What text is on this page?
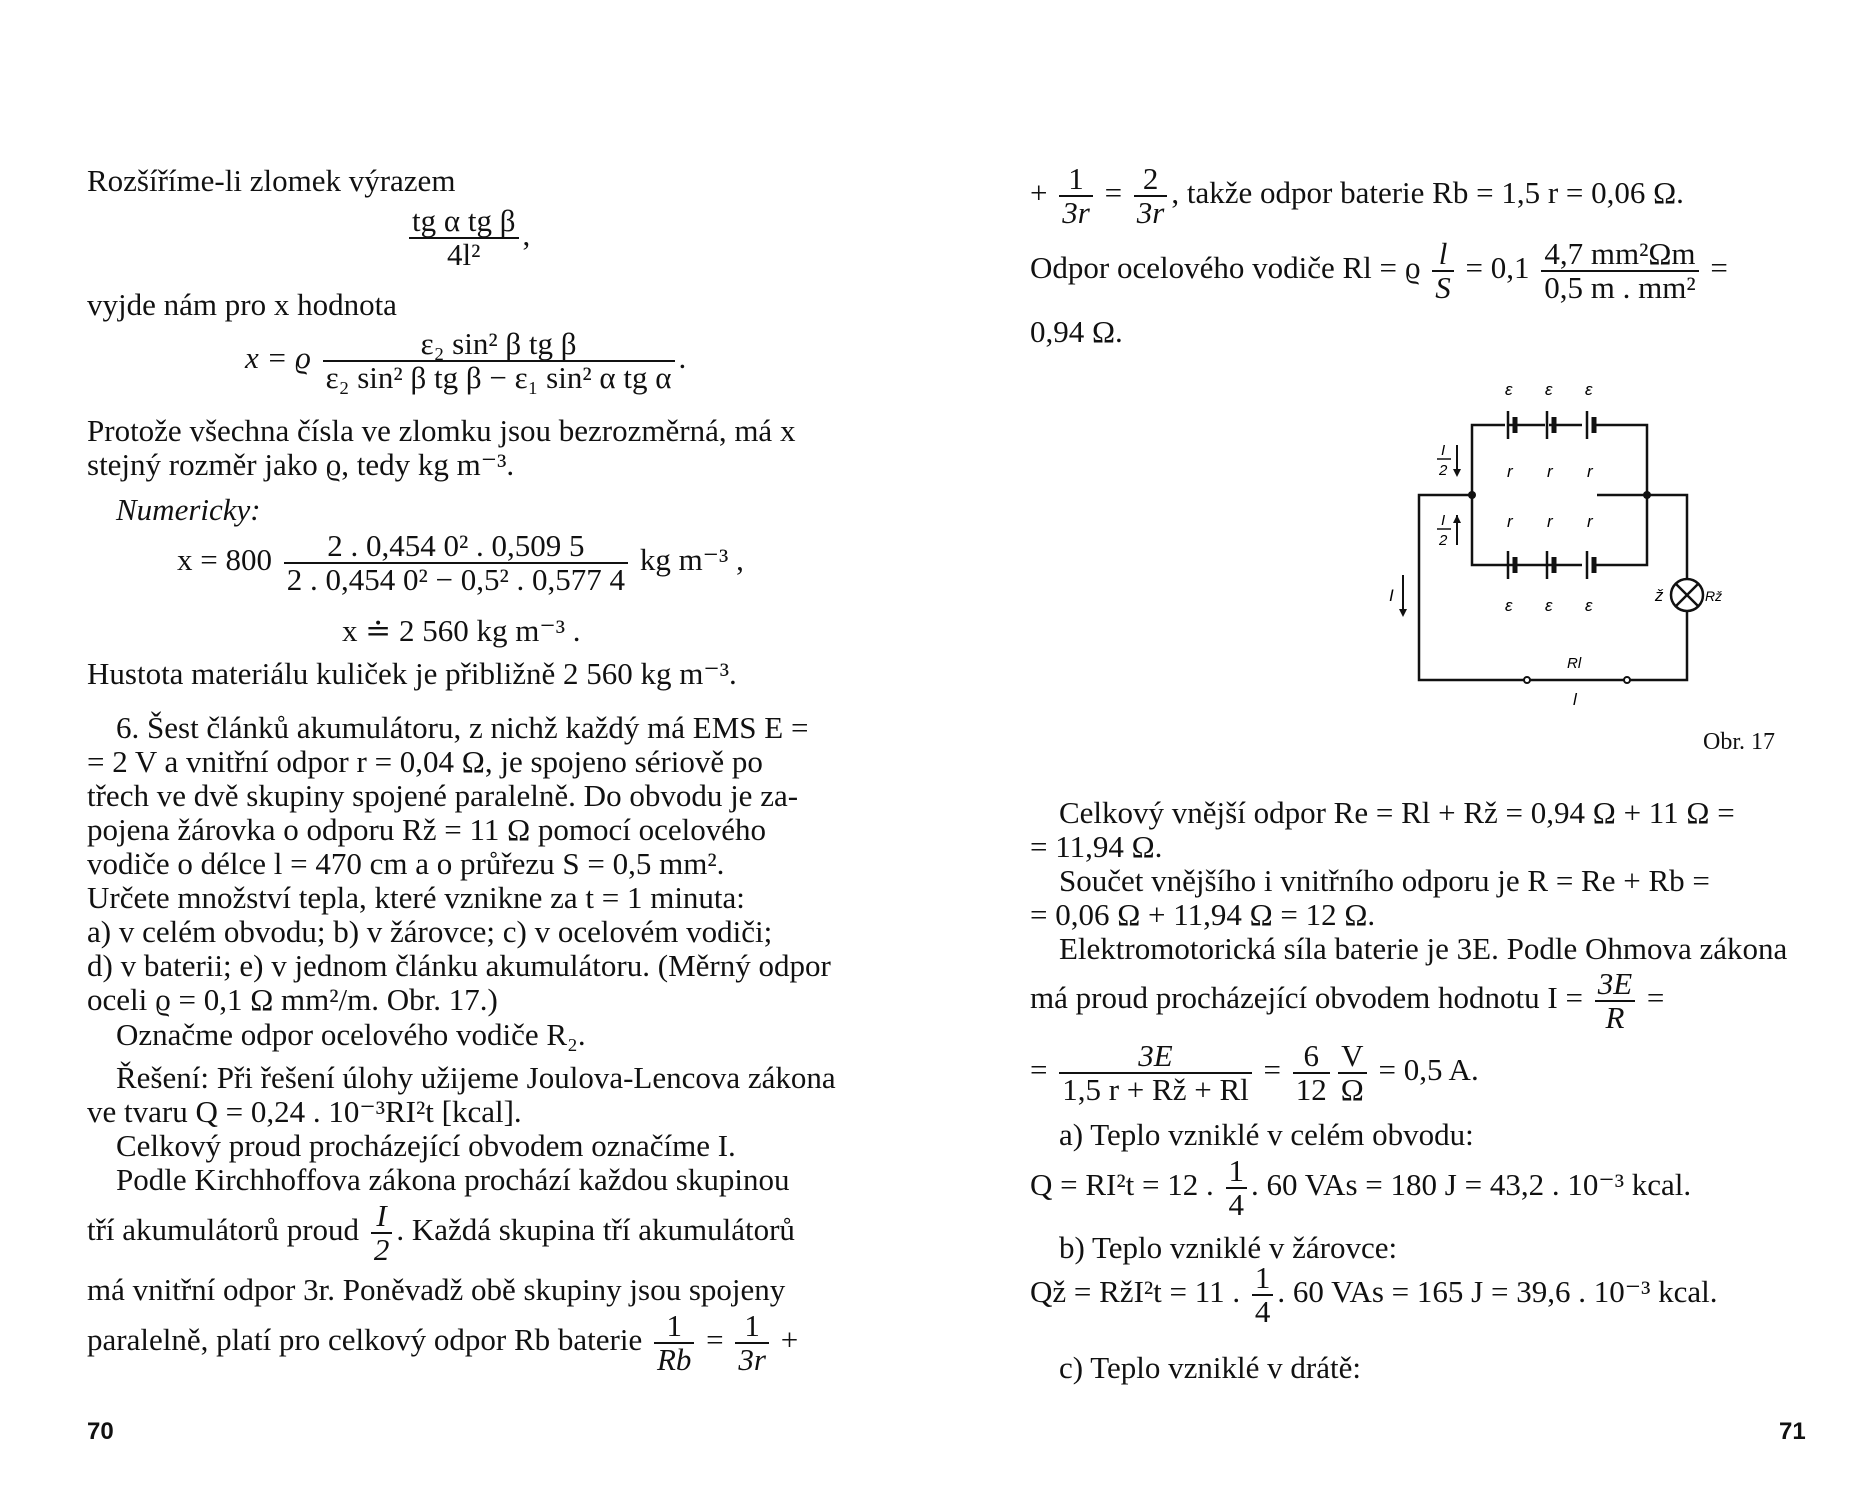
Rozšíříme-li zlomek výrazem
$\frac{\text{tg α tg β}}{\text{4l²}}$ ,
vyjde nám pro x hodnota
x = ϱ $\frac{\text{ε₂ sin² β tg β}}{\text{ε₂ sin² β tg β − ε₁ sin² α tg α}}$ .
Protože všechna čísla ve zlomku jsou bezrozměrná, má x
stejný rozměr jako ϱ, tedy kg m⁻³.
Numericky:
$x = 800 \frac{\text{2 . 0,454 0² . 0,509 5}}{\text{2 . 0,454 0² − 0,5² . 0,577 4}}$ kg m⁻³ ,
x ≐ 2 560 kg m⁻³ .
Hustota materiálu kuliček je přibližně 2 560 kg m⁻³.
6. Šest článků akumulátoru, z nichž každý má EMS E =
= 2 V a vnitřní odpor r = 0,04 Ω, je spojeno sériově po
třech ve dvě skupiny spojené paralelně. Do obvodu je za-
pojena žárovka o odporu Rž = 11 Ω pomocí ocelového
vodiče o délce l = 470 cm a o průřezu S = 0,5 mm².
Určete množství tepla, které vznikne za t = 1 minuta:
a) v celém obvodu; b) v žárovce; c) v ocelovém vodiči;
d) v baterii; e) v jednom článku akumulátoru. (Měrný odpor
oceli ϱ = 0,1 Ω mm²/m. Obr. 17.)
Označme odpor ocelového vodiče R₂.
Řešení: Při řešení úlohy užijeme Joulova-Lencova zákona
ve tvaru Q = 0,24 . 10⁻³RI²t [kcal].
Celkový proud procházející obvodem označíme I.
Podle Kirchhoffova zákona prochází každou skupinou
tří akumulátorů proud $\frac{I}{2}$ . Každá skupina tří akumulátorů
má vnitřní odpor 3r. Poněvadž obě skupiny jsou spojeny
paralelně, platí pro celkový odpor Rb baterie $\frac{1}{Rb} = \frac{1}{3r}$ +
70
+ $\frac{1}{3r} = \frac{2}{3r}$ , takže odpor baterie Rb = 1,5 r = 0,06 Ω.
Odpor ocelového vodiče Rl = ϱ $\frac{l}{S} = 0,1 \frac{\text{4,7 mm²Ωm}}{\text{0,5 m . mm²}}$ =
0,94 Ω.
ɛ ɛ ɛ
r r r
r r r
ɛ ɛ ɛ
I
2
I
2
I	ž	Rž
Rl
l
Obr. 17
Celkový vnější odpor Re = Rl + Rž = 0,94 Ω + 11 Ω =
= 11,94 Ω.
Součet vnějšího i vnitřního odporu je R = Re + Rb =
= 0,06 Ω + 11,94 Ω = 12 Ω.
Elektromotorická síla baterie je 3E. Podle Ohmova zákona
má proud procházející obvodem hodnotu $I = \frac{3E}{R}$ =
= $\frac{3E}{1,5 r + Rž + Rl} = \frac{6}{12} \frac{V}{\Omega} = 0,5$ A.
a) Teplo vzniklé v celém obvodu:
Q = RI²t = 12 . $\frac{1}{4}$ . 60 VAs = 180 J = 43,2 . 10⁻³ kcal.
b) Teplo vzniklé v žárovce:
Qž = RžI²t = 11 . $\frac{1}{4}$ . 60 VAs = 165 J = 39,6 . 10⁻³ kcal.
c) Teplo vzniklé v drátě:
71
